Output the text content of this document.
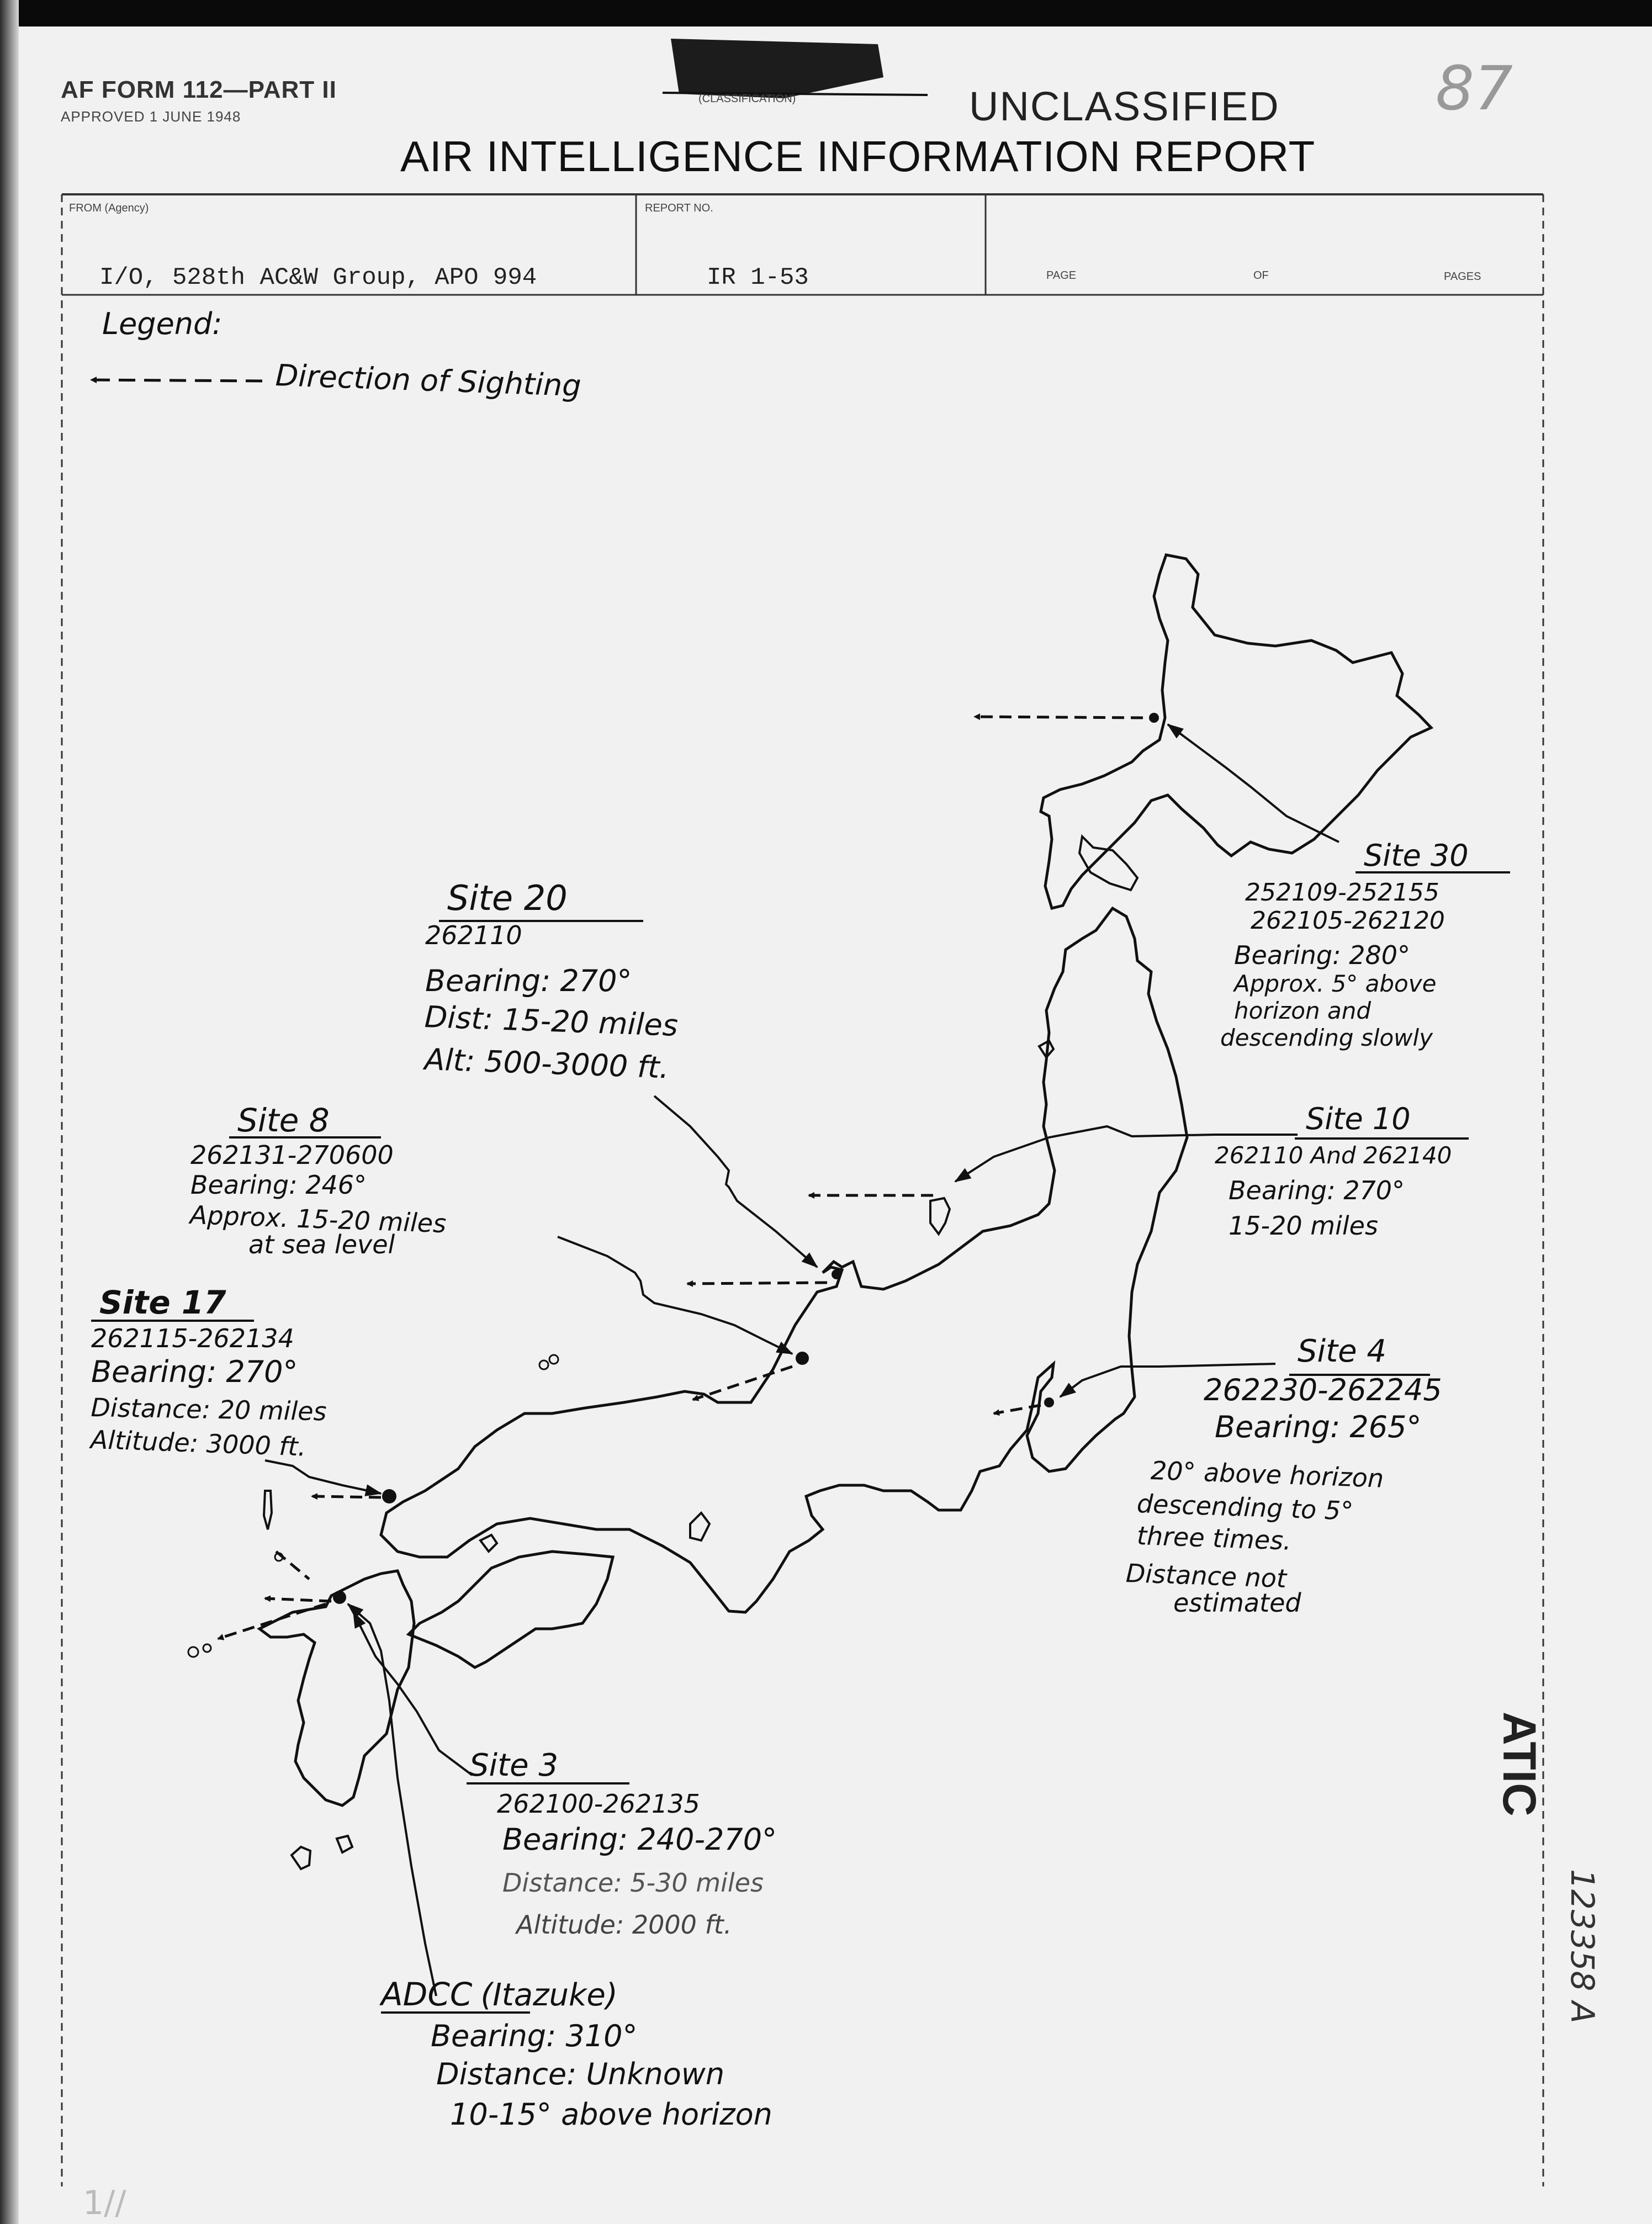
AF FORM 112—PART II
APPROVED 1 JUNE 1948
(CLASSIFICATION)	UNCLASSIFIED
AIR INTELLIGENCE INFORMATION REPORT
87
FROM (Agency)
I/O, 528th AC&W Group, APO 994
REPORT NO.
IR 1-53	PAGE	OF	PAGES
Legend:
Direction of Sighting
Site 20
262110
Bearing: 270°
Dist: 15-20 miles
Alt: 500-3000 ft.
Site 30
252109-252155
262105-262120
Bearing: 280°
Approx. 5° above
horizon and
descending slowly
Site 8
262131-270600
Bearing: 246°
Approx. 15-20 miles
at sea level
Site 10
262110 And 262140
Bearing: 270°
15-20 miles
Site 17
262115-262134
Bearing: 270°
Distance: 20 miles
Altitude: 3000 ft.
Site 4
262230-262245
Bearing: 265°
20° above horizon
descending to 5°
three times.
Distance not
estimated
Site 3
262100-262135
Bearing: 240-270°
Distance: 5-30 miles
Altitude: 2000 ft.
ADCC (Itazuke)
Bearing: 310°
Distance: Unknown
10-15° above horizon
ATIC
123358 A
1//
